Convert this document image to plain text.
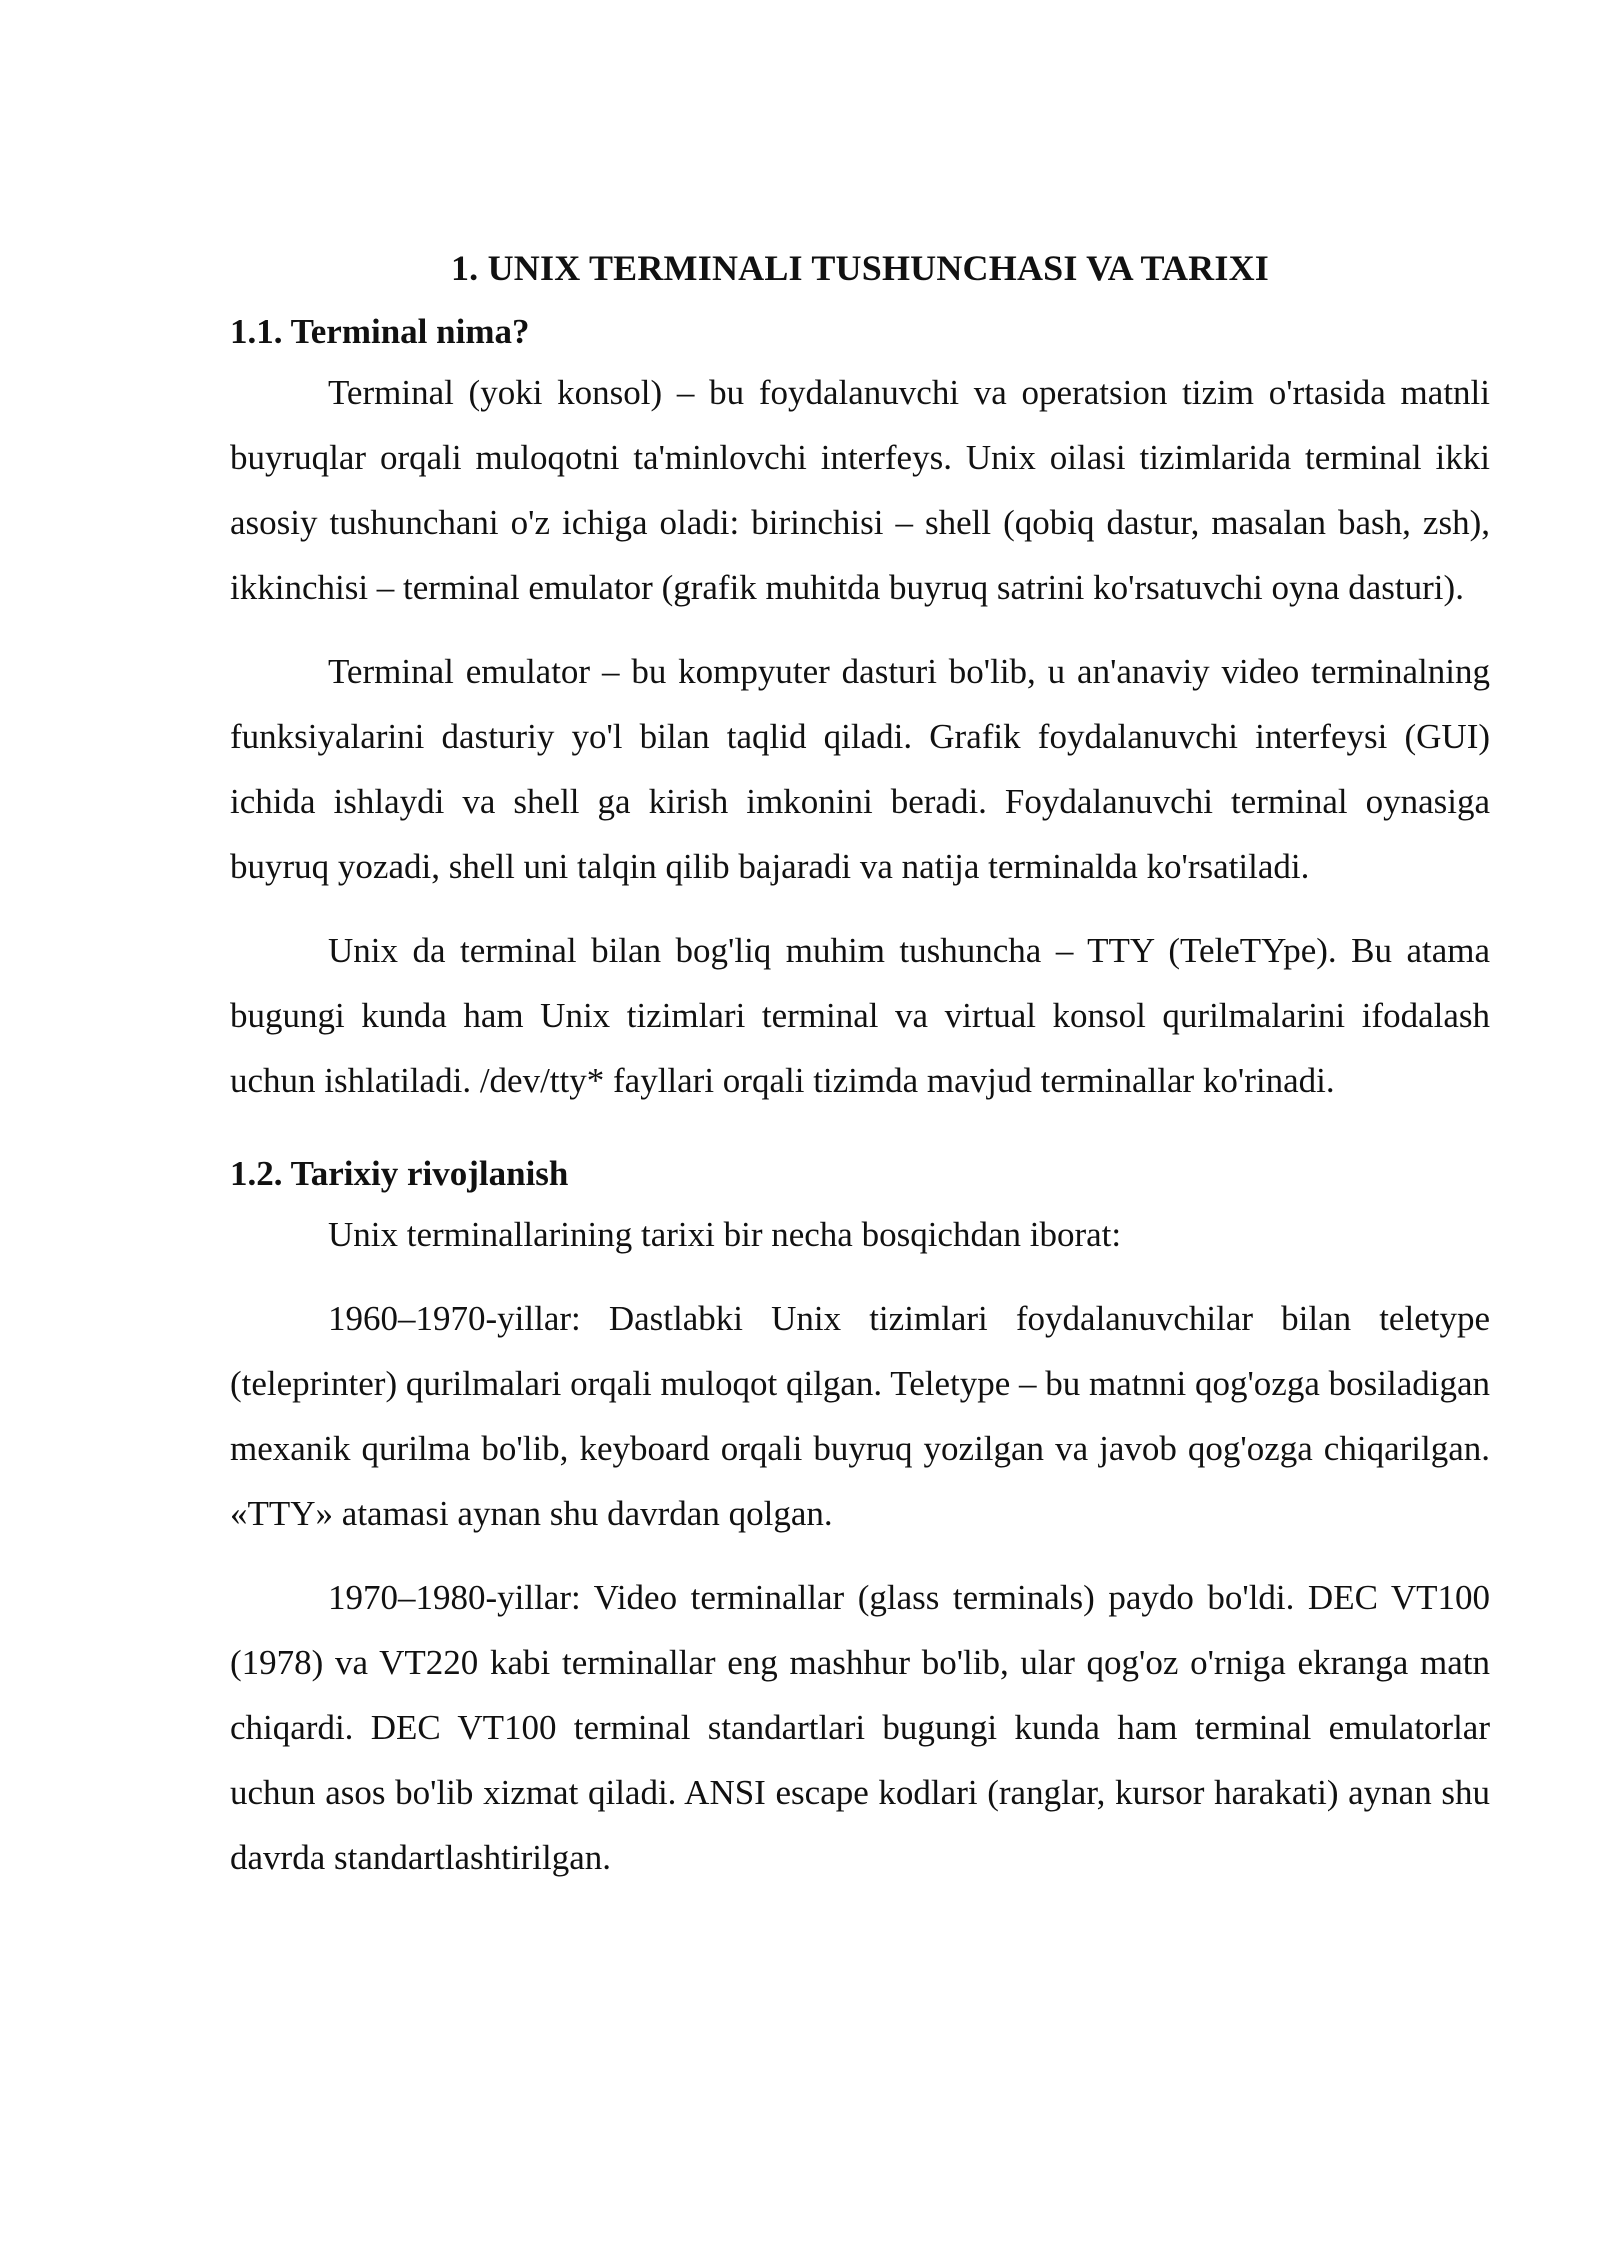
1. UNIX TERMINALI TUSHUNCHASI VA TARIXI
1.1. Terminal nima?

Terminal (yoki konsol) – bu foydalanuvchi va operatsion tizim o'rtasida matnli buyruqlar orqali muloqotni ta'minlovchi interfeys. Unix oilasi tizimlarida terminal ikki asosiy tushunchani o'z ichiga oladi: birinchisi – shell (qobiq dastur, masalan bash, zsh), ikkinchisi – terminal emulator (grafik muhitda buyruq satrini ko'rsatuvchi oyna dasturi).

Terminal emulator – bu kompyuter dasturi bo'lib, u an'anaviy video terminalning funksiyalarini dasturiy yo'l bilan taqlid qiladi. Grafik foydalanuvchi interfeysi (GUI) ichida ishlaydi va shell ga kirish imkonini beradi. Foydalanuvchi terminal oynasiga buyruq yozadi, shell uni talqin qilib bajaradi va natija terminalda ko'rsatiladi.

Unix da terminal bilan bog'liq muhim tushuncha – TTY (TeleTYpe). Bu atama bugungi kunda ham Unix tizimlari terminal va virtual konsol qurilmalarini ifodalash uchun ishlatiladi. /dev/tty* fayllari orqali tizimda mavjud terminallar ko'rinadi.

1.2. Tarixiy rivojlanish

Unix terminallarining tarixi bir necha bosqichdan iborat:

1960–1970-yillar: Dastlabki Unix tizimlari foydalanuvchilar bilan teletype (teleprinter) qurilmalari orqali muloqot qilgan. Teletype – bu matnni qog'ozga bosiladigan mexanik qurilma bo'lib, keyboard orqali buyruq yozilgan va javob qog'ozga chiqarilgan. «TTY» atamasi aynan shu davrdan qolgan.

1970–1980-yillar: Video terminallar (glass terminals) paydo bo'ldi. DEC VT100 (1978) va VT220 kabi terminallar eng mashhur bo'lib, ular qog'oz o'rniga ekranga matn chiqardi. DEC VT100 terminal standartlari bugungi kunda ham terminal emulatorlar uchun asos bo'lib xizmat qiladi. ANSI escape kodlari (ranglar, kursor harakati) aynan shu davrda standartlashtirilgan.
